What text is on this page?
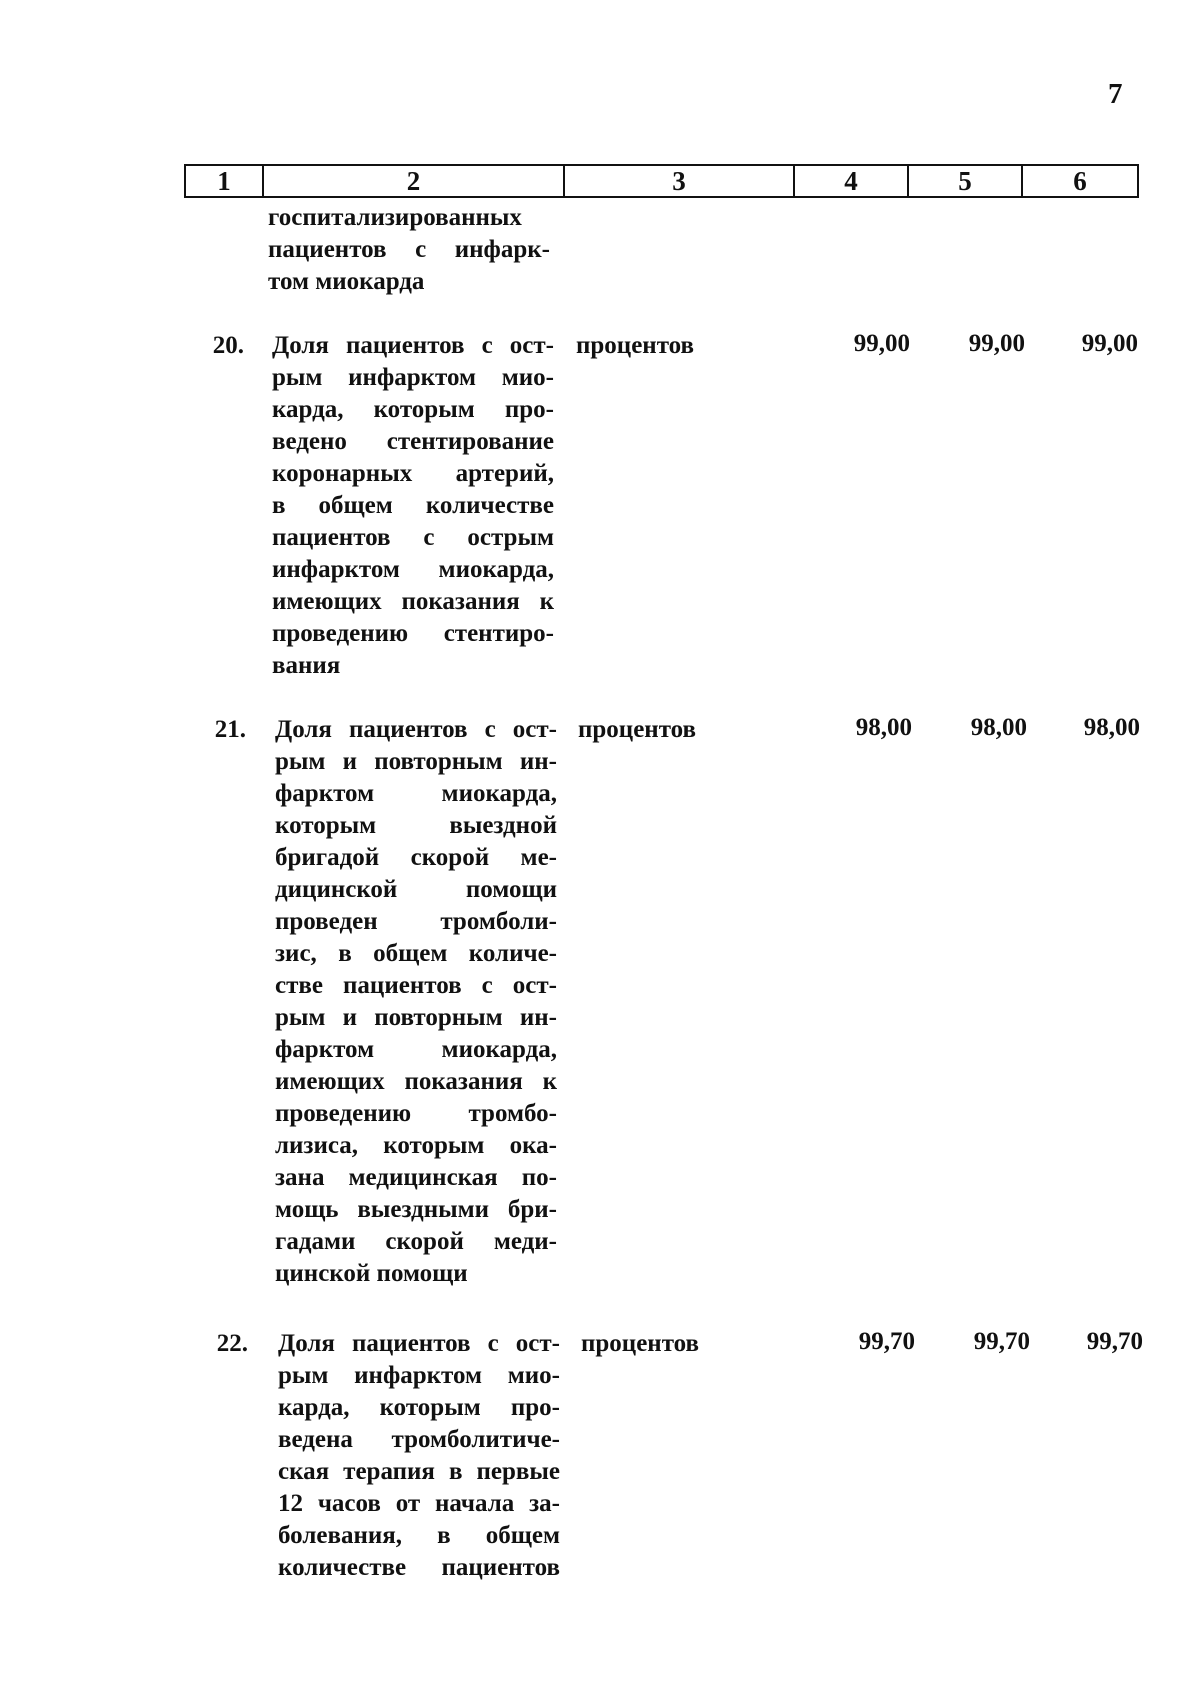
7
1	2	3	4	5	6
госпитализированных
пациентов с инфарк-
том миокарда
20. Доля пациентов с ост-
рым инфарктом мио-
карда, которым про-
ведено стентирование
коронарных артерий,
в общем количестве
пациентов с острым
инфарктом миокарда,
имеющих показания к
проведению стентиро-
вания
процентов	99,00	99,00	99,00
21. Доля пациентов с ост-
рым и повторным ин-
фарктом миокарда,
которым выездной
бригадой скорой ме-
дицинской помощи
проведен тромболи-
зис, в общем количе-
стве пациентов с ост-
рым и повторным ин-
фарктом миокарда,
имеющих показания к
проведению тромбо-
лизиса, которым ока-
зана медицинская по-
мощь выездными бри-
гадами скорой меди-
цинской помощи
процентов	98,00	98,00	98,00
22. Доля пациентов с ост-
рым инфарктом мио-
карда, которым про-
ведена тромболитиче-
ская терапия в первые
12 часов от начала за-
болевания, в общем
количестве пациентов
процентов	99,70	99,70	99,70
